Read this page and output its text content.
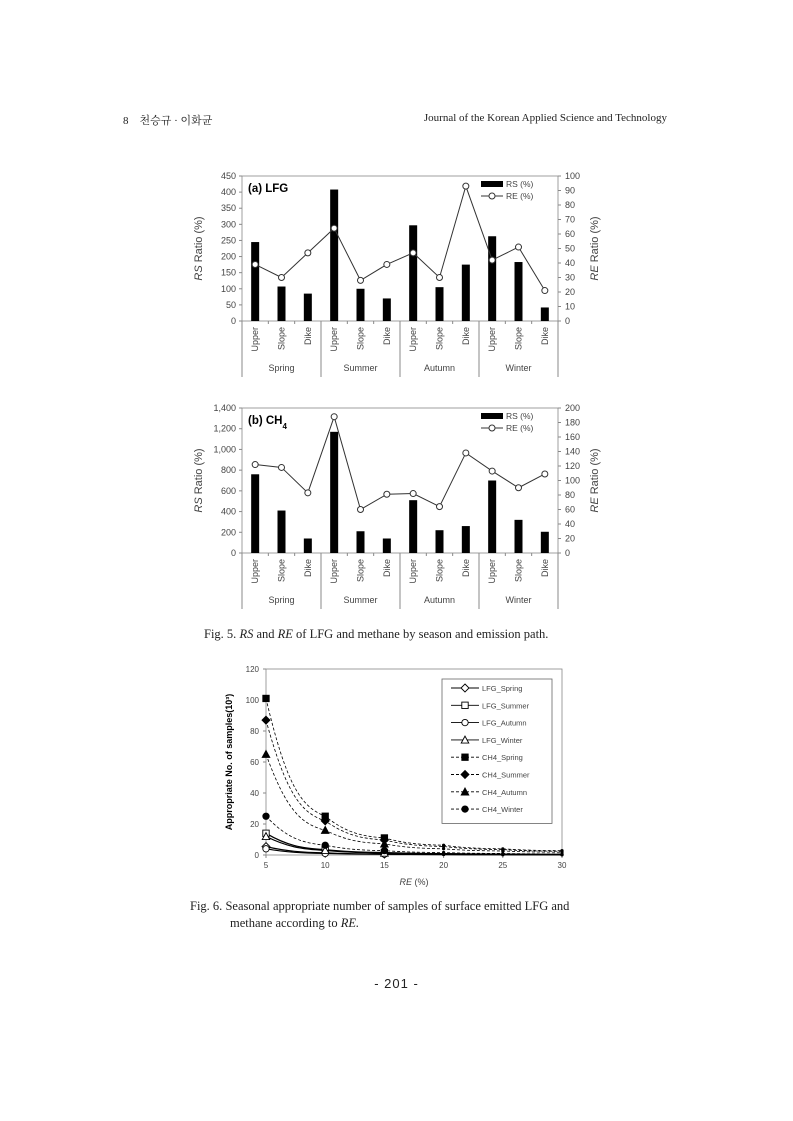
8 천승규 · 이화균	Journal of the Korean Applied Science and Technology
0
50
100
150
200
250
300
350
400
450
0
10
20
30
40
50
60
70
80
90
100
RS Ratio (%)
RE Ratio (%)
Upper Slope Dike Upper Slope Dike Upper Slope Dike Upper Slope Dike
Spring	Summer	Autumn	Winter
(a) LFG	RS (%)
RE (%)
0
200
400
600
800
1,000
1,200
1,400
0
20
40
60
80
100
120
140
160
180
200
RS Ratio (%)
RE Ratio (%)
Upper Slope Dike Upper Slope Dike Upper Slope Dike Upper Slope Dike
Spring	Summer	Autumn	Winter
(b) $CH_4$
RS (%)
RE (%)
Fig. 5. RS and RE of LFG and methane by season and emission path.
0
20
40
60
80
100
120
5	10	15	20	25	30
RE (%)
Appropriate No. of samples(10³)
LFG_Spring
LFG_Summer
LFG_Autumn
LFG_Winter
CH4_Spring
CH4_Summer
CH4_Autumn
CH4_Winter
Fig. 6. Seasonal appropriate number of samples of surface emitted LFG and
methane according to RE.
- 201 -
